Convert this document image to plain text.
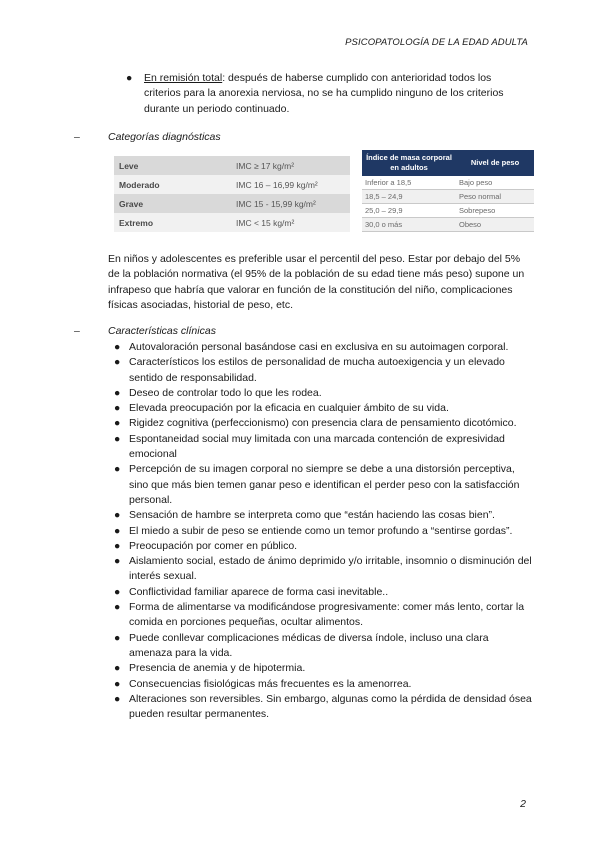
PSICOPATOLOGÍA DE LA EDAD ADULTA
● En remisión total: después de haberse cumplido con anterioridad todos los criterios para la anorexia nerviosa, no se ha cumplido ninguno de los criterios durante un periodo continuado.
–	Categorías diagnósticas
Leve	IMC ≥ 17 kg/m²
Moderado	IMC 16 – 16,99 kg/m²
Grave	IMC 15 - 15,99 kg/m²
Extremo	IMC < 15 kg/m²
Índice de masa corporal en adultos	Nivel de peso
Inferior a 18,5	Bajo peso
18,5 – 24,9	Peso normal
25,0 – 29,9	Sobrepeso
30,0 o más	Obeso
En niños y adolescentes es preferible usar el percentil del peso. Estar por debajo del 5% de la población normativa (el 95% de la población de su edad tiene más peso) supone un infrapeso que habría que valorar en función de la constitución del niño, complicaciones físicas asociadas, historial de peso, etc.
–	Características clínicas
● Autovaloración personal basándose casi en exclusiva en su autoimagen corporal.
● Característicos los estilos de personalidad de mucha autoexigencia y un elevado sentido de responsabilidad.
● Deseo de controlar todo lo que les rodea.
● Elevada preocupación por la eficacia en cualquier ámbito de su vida.
● Rigidez cognitiva (perfeccionismo) con presencia clara de pensamiento dicotómico.
● Espontaneidad social muy limitada con una marcada contención de expresividad emocional
● Percepción de su imagen corporal no siempre se debe a una distorsión perceptiva, sino que más bien temen ganar peso e identifican el perder peso con la satisfacción personal.
● Sensación de hambre se interpreta como que “están haciendo las cosas bien”.
● El miedo a subir de peso se entiende como un temor profundo a “sentirse gordas”.
● Preocupación por comer en público.
● Aislamiento social, estado de ánimo deprimido y/o irritable, insomnio o disminución del interés sexual.
● Conflictividad familiar aparece de forma casi inevitable..
● Forma de alimentarse va modificándose progresivamente: comer más lento, cortar la comida en porciones pequeñas, ocultar alimentos.
● Puede conllevar complicaciones médicas de diversa índole, incluso una clara amenaza para la vida.
● Presencia de anemia y de hipotermia.
● Consecuencias fisiológicas más frecuentes es la amenorrea.
● Alteraciones son reversibles. Sin embargo, algunas como la pérdida de densidad ósea pueden resultar permanentes.
2
